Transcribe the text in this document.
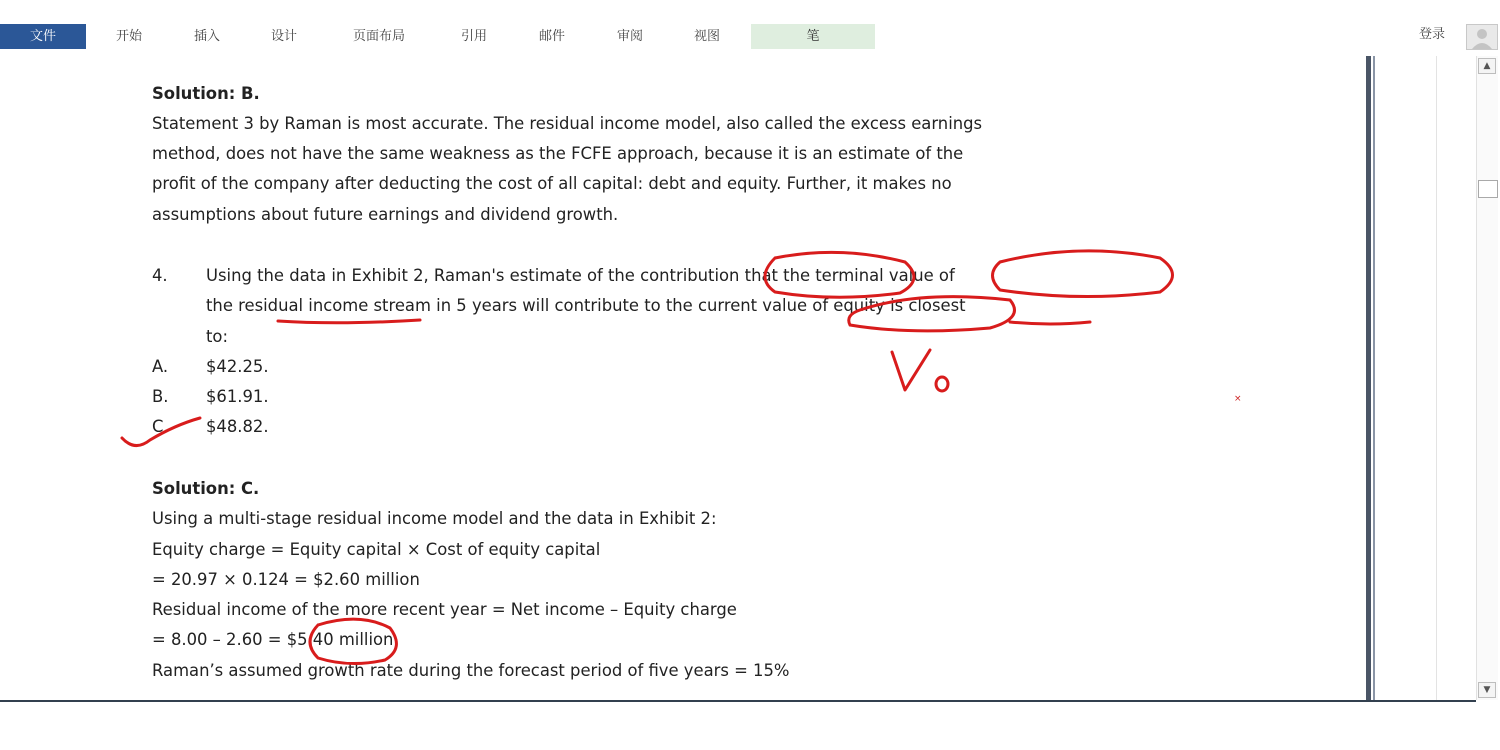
文件	开始	插入	设计	页面布局	引用	邮件	审阅	视图	笔	登录
Solution: B.
Statement 3 by Raman is most accurate. The residual income model, also called the excess earnings
method, does not have the same weakness as the FCFE approach, because it is an estimate of the
profit of the company after deducting the cost of all capital: debt and equity. Further, it makes no
assumptions about future earnings and dividend growth.
4. Using the data in Exhibit 2, Raman's estimate of the contribution that the terminal value of
the residual income stream in 5 years will contribute to the current value of equity is closest
to:
A. $42.25.
B. $61.91.
C. $48.82.
Solution: C.
Using a multi-stage residual income model and the data in Exhibit 2:
Equity charge = Equity capital × Cost of equity capital
= 20.97 × 0.124 = $2.60 million
Residual income of the more recent year = Net income – Equity charge
= 8.00 – 2.60 = $5.40 million
Raman’s assumed growth rate during the forecast period of five years = 15%
▲
▼
×
